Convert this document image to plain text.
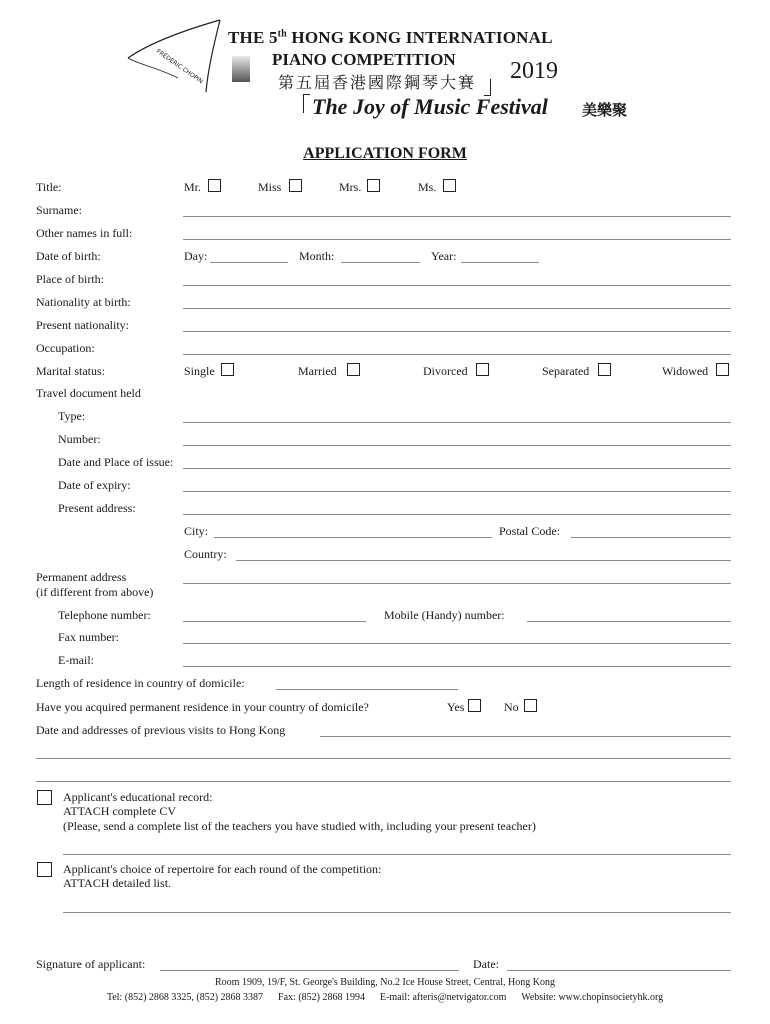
FRÉDÉRIC CHOPIN
THE 5th HONG KONG INTERNATIONAL
PIANO COMPETITION
第五屆香港國際鋼琴大賽 2019
The Joy of Music Festival 美樂聚
APPLICATION FORM
Title:	Mr.	Miss	Mrs.	Ms.
Surname:
Other names in full:
Date of birth:	Day:	Month:	Year:
Place of birth:
Nationality at birth:
Present nationality:
Occupation:
Marital status:	Single	Married	Divorced	Separated	Widowed
Travel document held
Type:
Number:
Date and Place of issue:
Date of expiry:
Present address:
City:	Postal Code:
Country:
Permanent address
(if different from above)
Telephone number:	Mobile (Handy) number:
Fax number:
E-mail:
Length of residence in country of domicile:
Have you acquired permanent residence in your country of domicile?	Yes	No
Date and addresses of previous visits to Hong Kong
Applicant's educational record:
ATTACH complete CV
(Please, send a complete list of the teachers you have studied with, including your present teacher)
Applicant's choice of repertoire for each round of the competition:
ATTACH detailed list.
Signature of applicant:	Date:
Room 1909, 19/F, St. George's Building, No.2 Ice House Street, Central, Hong Kong
Tel: (852) 2868 3325, (852) 2868 3387      Fax: (852) 2868 1994      E-mail: afteris@netvigator.com      Website: www.chopinsocietyhk.org
